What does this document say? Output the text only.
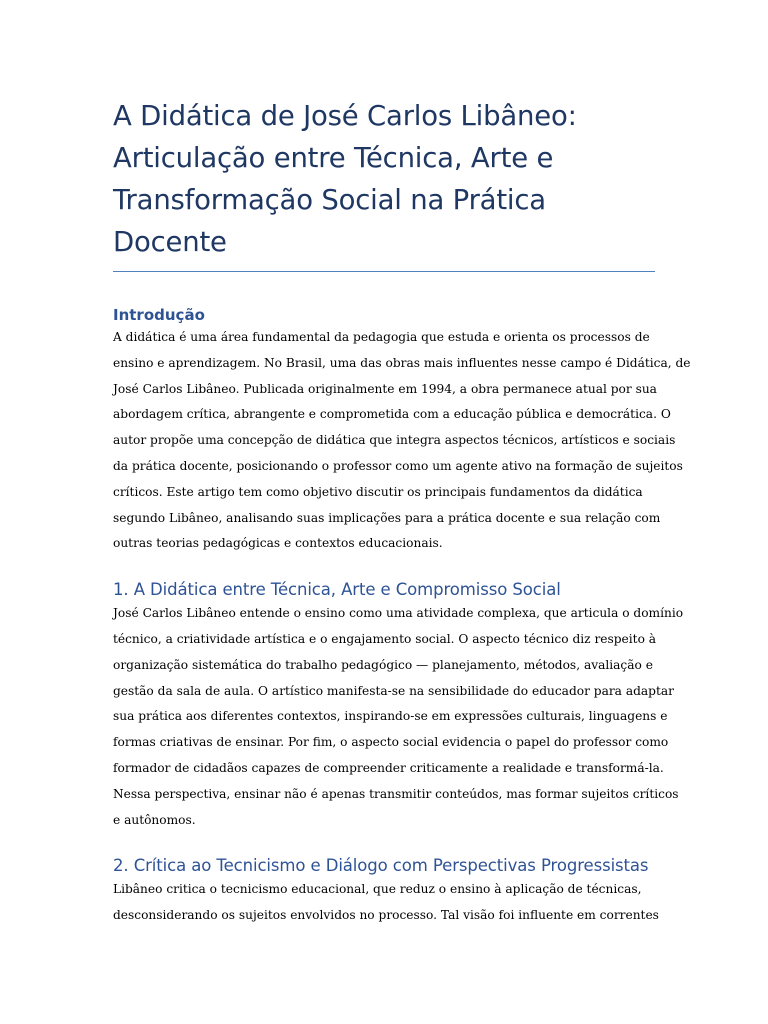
A Didática de José Carlos Libâneo:
Articulação entre Técnica, Arte e
Transformação Social na Prática
Docente
Introdução

A didática é uma área fundamental da pedagogia que estuda e orienta os processos de
ensino e aprendizagem. No Brasil, uma das obras mais influentes nesse campo é Didática, de
José Carlos Libâneo. Publicada originalmente em 1994, a obra permanece atual por sua
abordagem crítica, abrangente e comprometida com a educação pública e democrática. O
autor propõe uma concepção de didática que integra aspectos técnicos, artísticos e sociais
da prática docente, posicionando o professor como um agente ativo na formação de sujeitos
críticos. Este artigo tem como objetivo discutir os principais fundamentos da didática
segundo Libâneo, analisando suas implicações para a prática docente e sua relação com
outras teorias pedagógicas e contextos educacionais.

1. A Didática entre Técnica, Arte e Compromisso Social

José Carlos Libâneo entende o ensino como uma atividade complexa, que articula o domínio
técnico, a criatividade artística e o engajamento social. O aspecto técnico diz respeito à
organização sistemática do trabalho pedagógico — planejamento, métodos, avaliação e
gestão da sala de aula. O artístico manifesta-se na sensibilidade do educador para adaptar
sua prática aos diferentes contextos, inspirando-se em expressões culturais, linguagens e
formas criativas de ensinar. Por fim, o aspecto social evidencia o papel do professor como
formador de cidadãos capazes de compreender criticamente a realidade e transformá-la.
Nessa perspectiva, ensinar não é apenas transmitir conteúdos, mas formar sujeitos críticos
e autônomos.

2. Crítica ao Tecnicismo e Diálogo com Perspectivas Progressistas

Libâneo critica o tecnicismo educacional, que reduz o ensino à aplicação de técnicas,
desconsiderando os sujeitos envolvidos no processo. Tal visão foi influente em correntes
